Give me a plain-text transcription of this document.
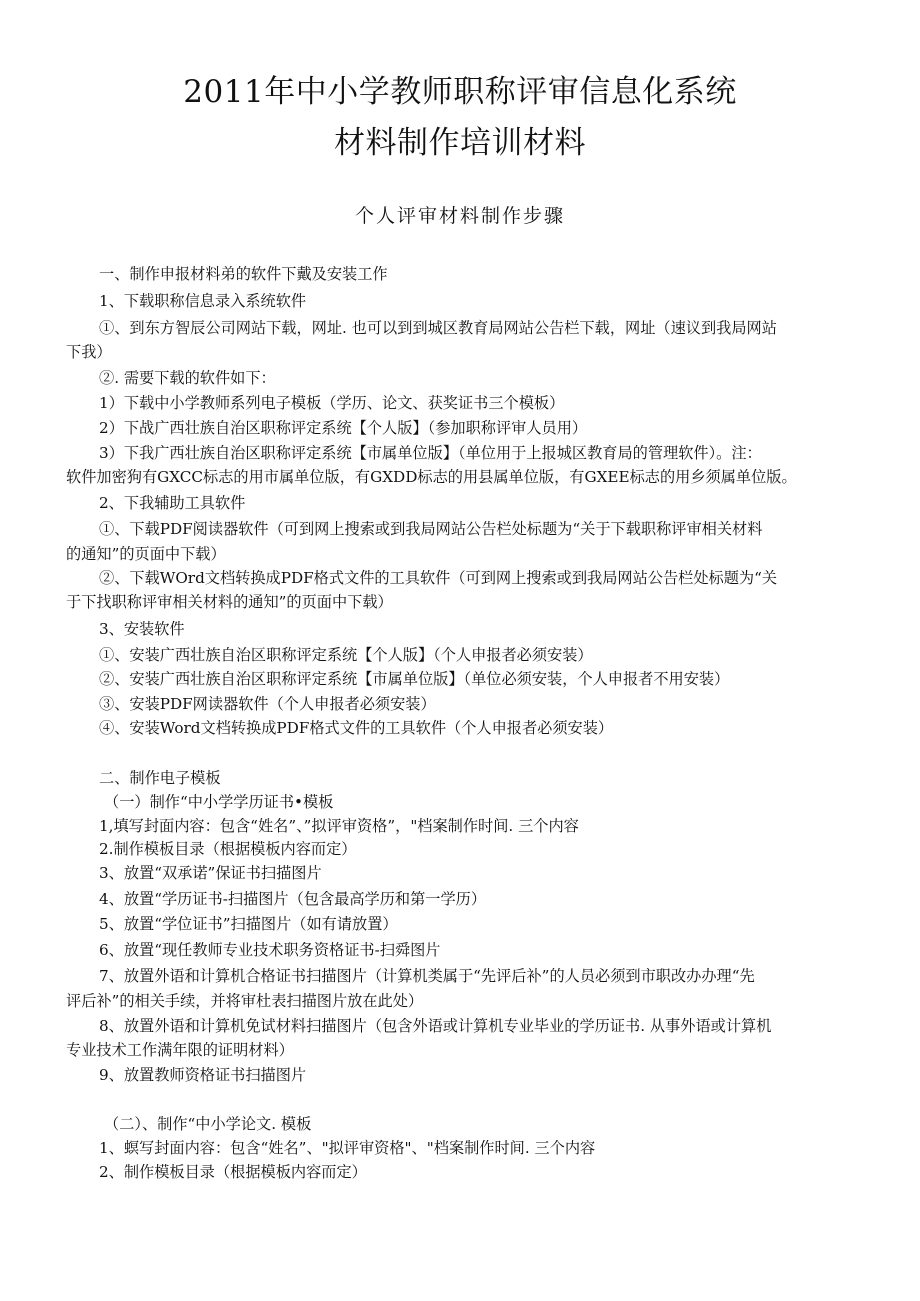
2011年中小学教师职称评审信息化系统
材料制作培训材料
个人评审材料制作步骤
一、制作申报材料弟的软件下戴及安装工作
1、下载职称信息录入系统软件
①、到东方智辰公司网站下载，网址. 也可以到到城区教育局网站公告栏下载，网址（速议到我局网站
下我）
②. 需要下载的软件如下：
1）下载中小学教师系列电子模板（学历、论文、获奖证书三个模板）
2）下战广西壮族自治区职称评定系统【个人版】（参加职称评审人员用）
3）下我广西壮族自治区职称评定系统【市属单位版】（单位用于上报城区教育局的管理软件）。注：
软件加密狗有GXCC标志的用市属单位版，有GXDD标志的用县属单位版，有GXEE标志的用乡须属单位版。
2、下我辅助工具软件
①、下载PDF阅读器软件（可到网上搜索或到我局网站公告栏处标题为“关于下载职称评审相关材料
的通知”的页面中下载）
②、下载WOrd文档转换成PDF格式文件的工具软件（可到网上搜索或到我局网站公告栏处标题为“关
于下找职称评审相关材料的通知”的页面中下载）
3、安装软件
①、安装广西壮族自治区职称评定系统【个人版】（个人申报者必须安装）
②、安装广西壮族自治区职称评定系统【市属单位版】（单位必须安装，个人申报者不用安装）
③、安装PDF网读器软件（个人申报者必须安装）
④、安装Word文档转换成PDF格式文件的工具软件（个人申报者必须安装）
二、制作电子模板
（一）制作“中小学学历证书•模板
1,填写封面内容：包含“姓名”、”拟评审资格”，"档案制作时间. 三个内容
2.制作模板目录（根据模板内容而定）
3、放置“双承诺”保证书扫描图片
4、放置“学历证书-扫描图片（包含最高学历和第一学历）
5、放置“学位证书”扫描图片（如有请放置）
6、放置“现任教师专业技术职务资格证书-扫舜图片
7、放置外语和计算机合格证书扫描图片（计算机类属于“先评后补”的人员必须到市职改办办理“先
评后补”的相关手续，并将审杜表扫描图片放在此处）
8、放置外语和计算机免试材料扫描图片（包含外语或计算机专业毕业的学历证书. 从事外语或计算机
专业技术工作满年限的证明材料）
9、放置教师资格证书扫描图片
（二）、制作“中小学论文. 模板
1、螟写封面内容：包含“姓名”、"拟评审资格"、"档案制作时间. 三个内容
2、制作模板目录（根据模板内容而定）
